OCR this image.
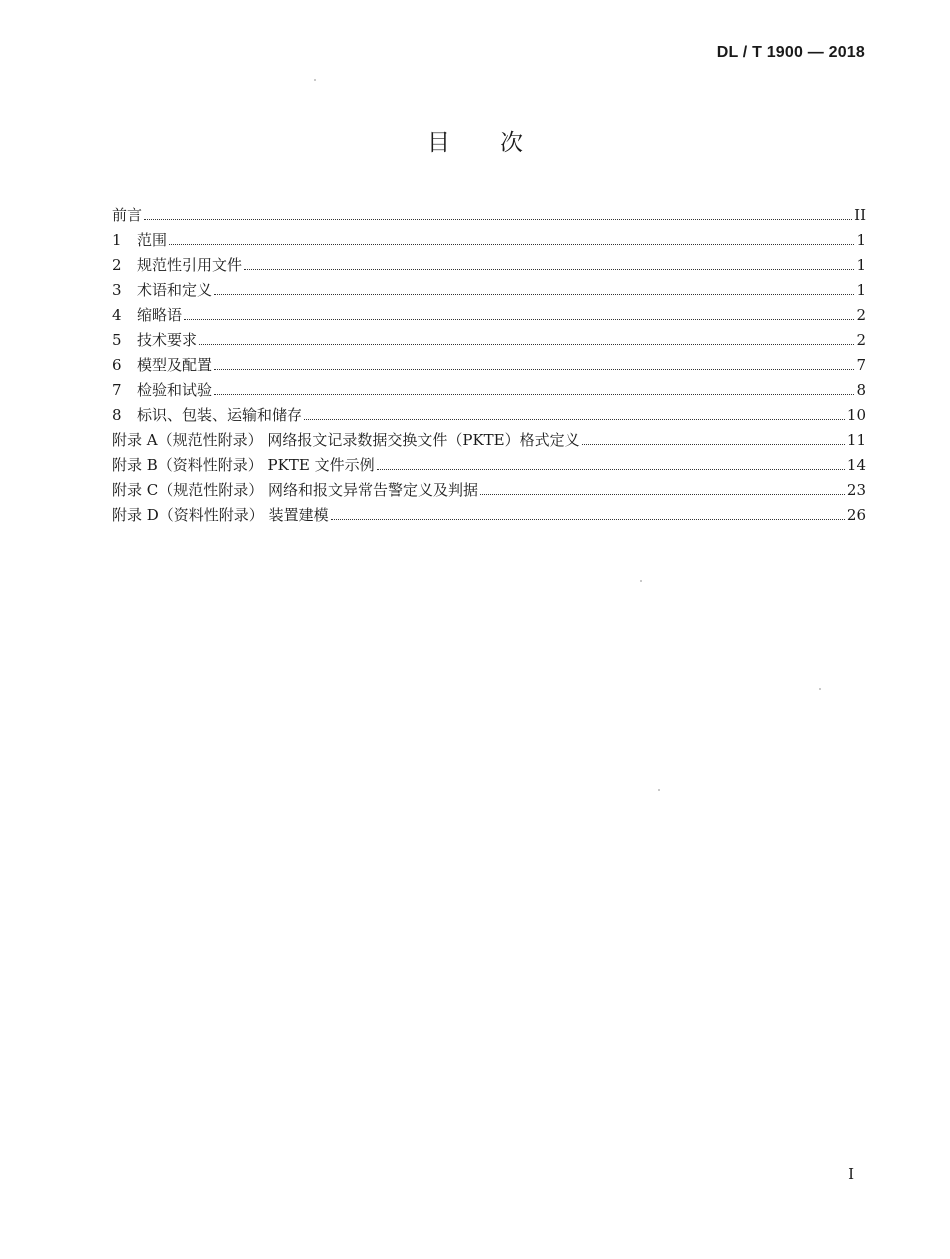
DL / T 1900 — 2018
目次
前言	II
1	范围	1
2	规范性引用文件	1
3	术语和定义	1
4	缩略语	2
5	技术要求	2
6	模型及配置	7
7	检验和试验	8
8	标识、包装、运输和储存	10
附录 A（规范性附录） 网络报文记录数据交换文件（PKTE）格式定义	11
附录 B（资料性附录） PKTE 文件示例	14
附录 C（规范性附录） 网络和报文异常告警定义及判据	23
附录 D（资料性附录） 装置建模	26
I
